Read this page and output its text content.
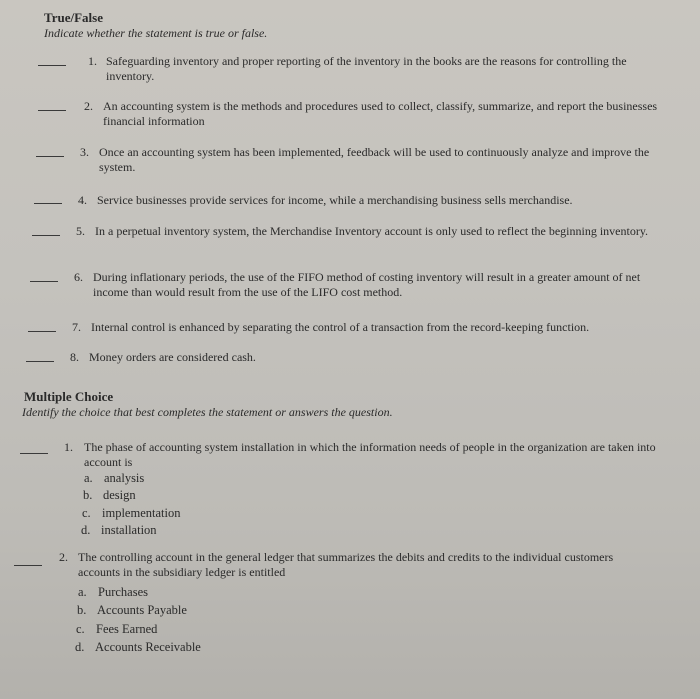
True/False
Indicate whether the statement is true or false.
1. Safeguarding inventory and proper reporting of the inventory in the books are the reasons for controlling the inventory.
2. An accounting system is the methods and procedures used to collect, classify, summarize, and report the businesses financial information
3. Once an accounting system has been implemented, feedback will be used to continuously analyze and improve the system.
4. Service businesses provide services for income, while a merchandising business sells merchandise.
5. In a perpetual inventory system, the Merchandise Inventory account is only used to reflect the beginning inventory.
6. During inflationary periods, the use of the FIFO method of costing inventory will result in a greater amount of net income than would result from the use of the LIFO cost method.
7. Internal control is enhanced by separating the control of a transaction from the record-keeping function.
8. Money orders are considered cash.
Multiple Choice
Identify the choice that best completes the statement or answers the question.
1. The phase of accounting system installation in which the information needs of people in the organization are taken into account is
a. analysis
b. design
c. implementation
d. installation
2. The controlling account in the general ledger that summarizes the debits and credits to the individual customers accounts in the subsidiary ledger is entitled
a. Purchases
b. Accounts Payable
c. Fees Earned
d. Accounts Receivable
